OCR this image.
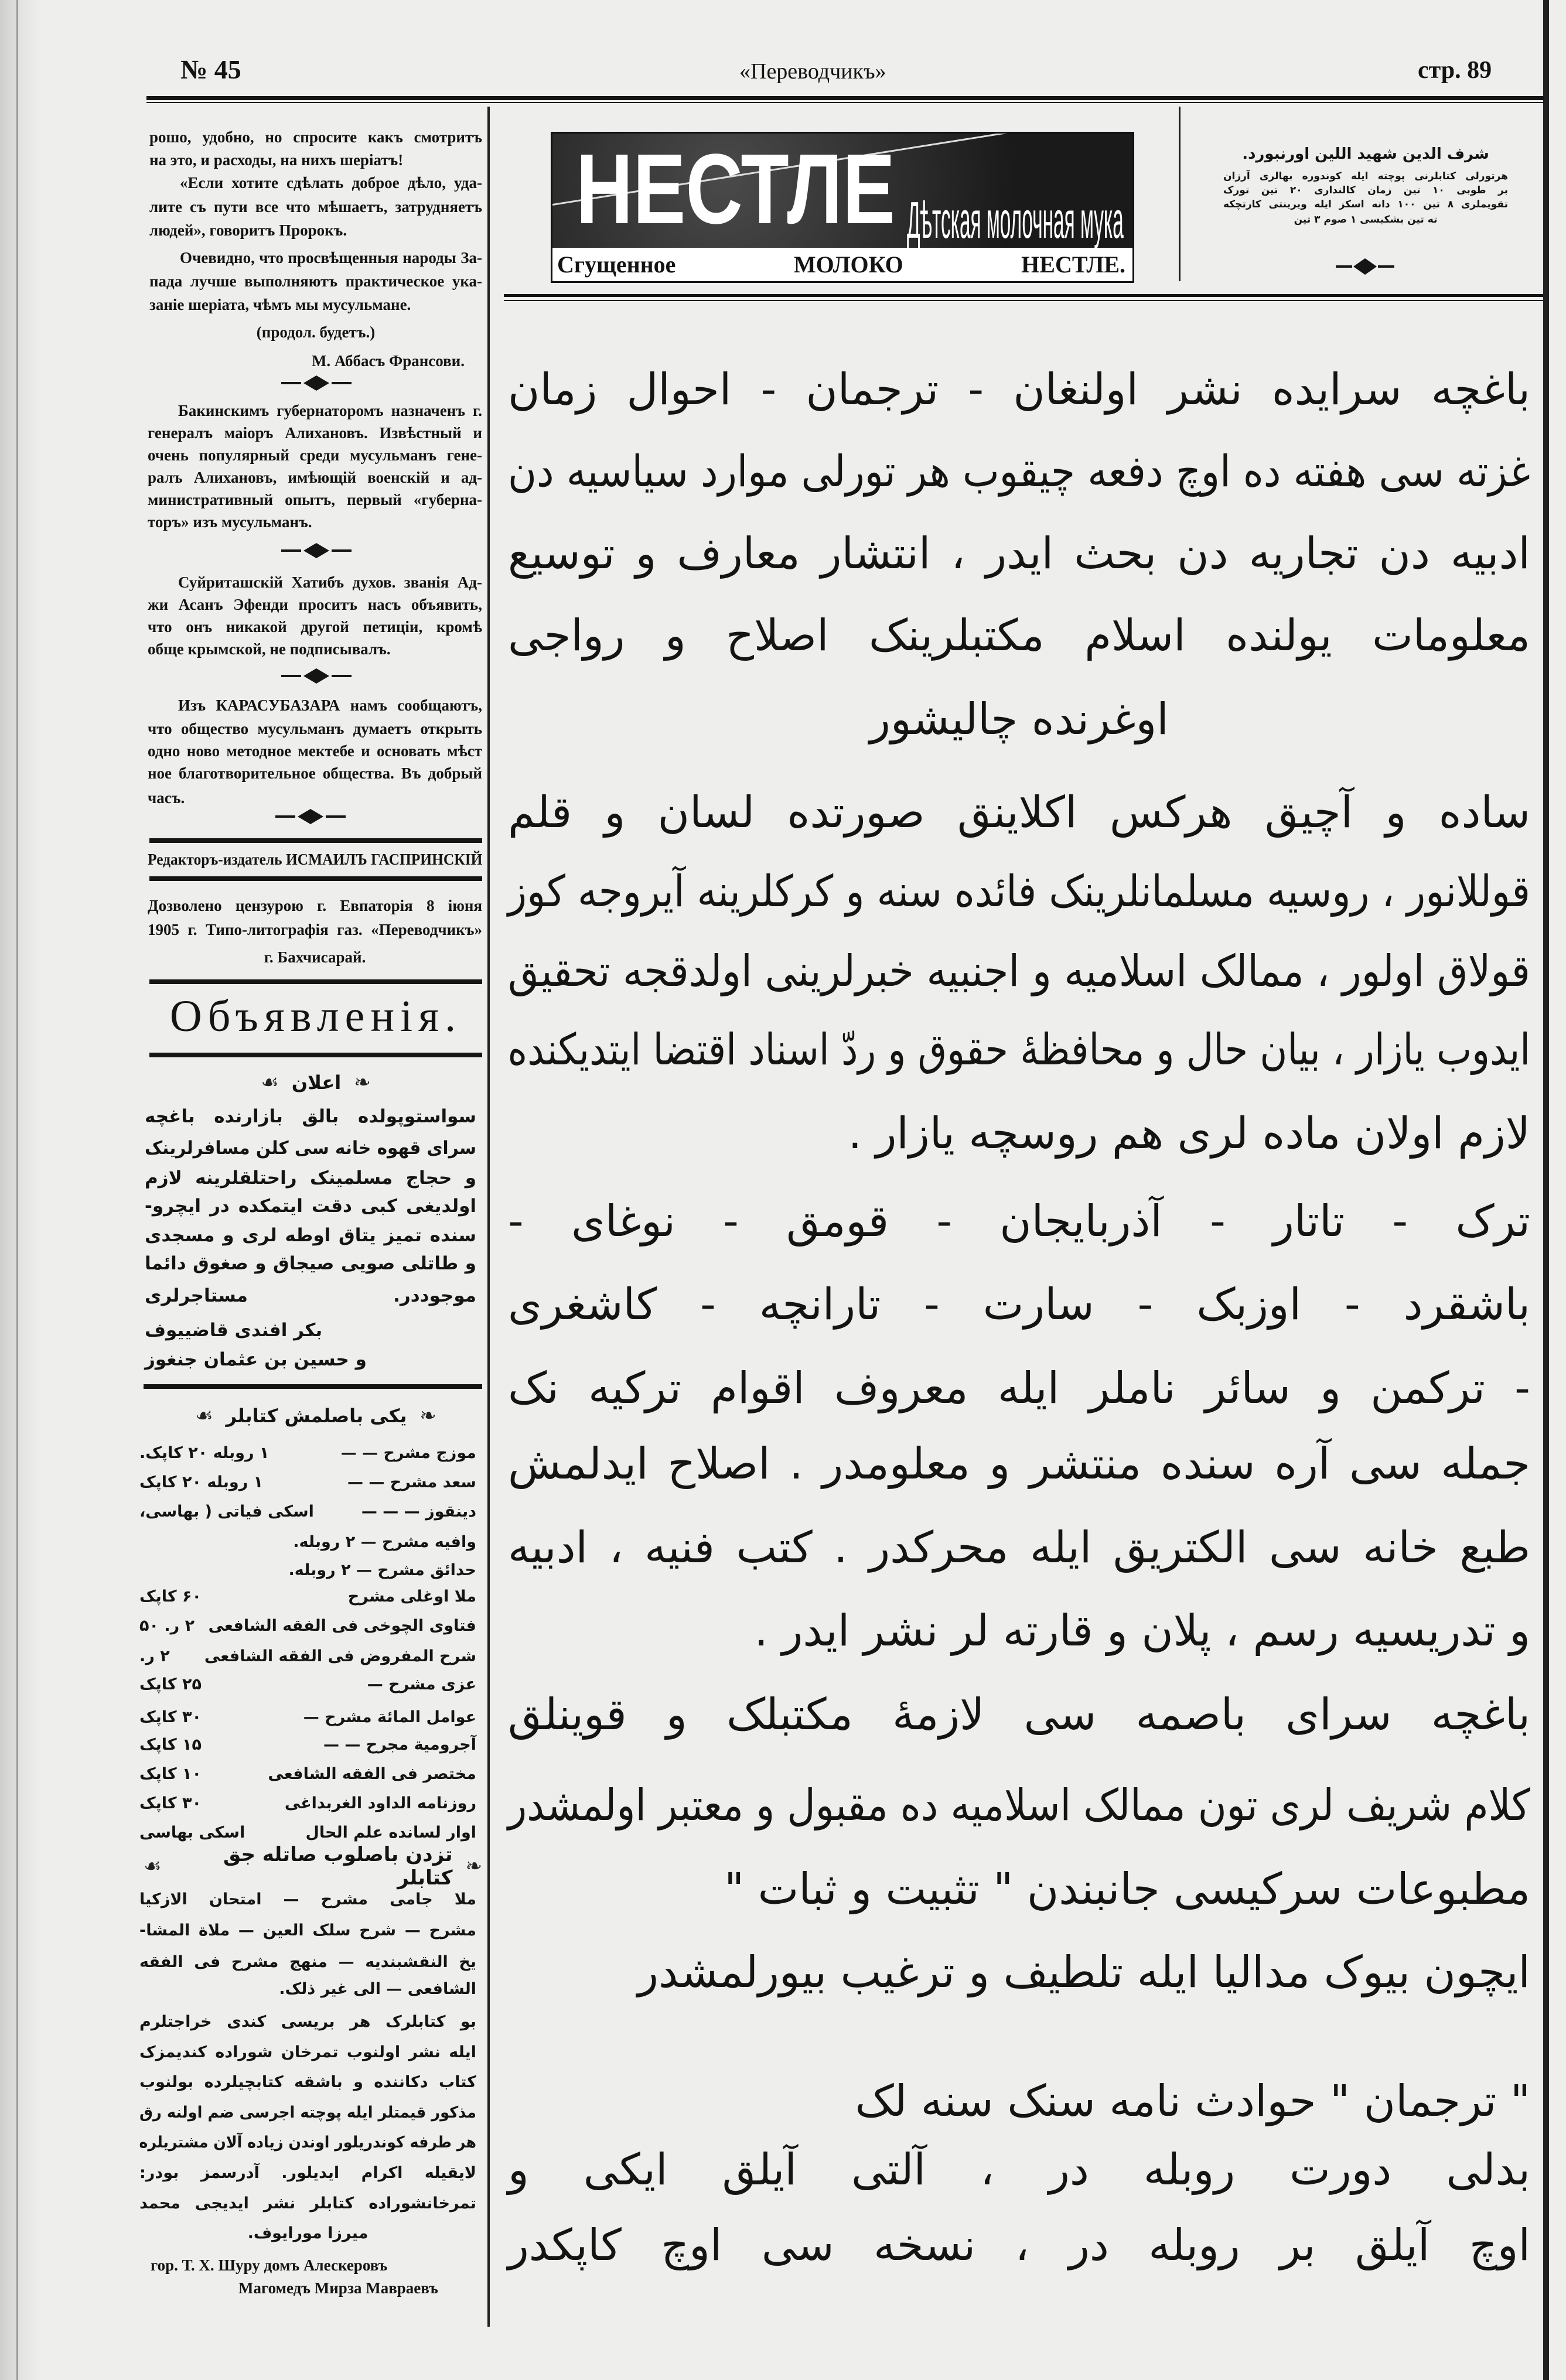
№ 45	«Переводчикъ»	стр. 89
❧
اعلان
☙
❧
یکی باصلمش کتابلر
☙
❧
تزدن باصلوب صاتله جق کتابلر
☙
НЕСТЛЕ Дѣтская молочная мука
Сгущенное МОЛОКО НЕСТЛЕ.
рошо, удобно, но спросите какъ смотритъ
на это, и расходы, на нихъ шеріатъ!
«Если хотите сдѣлать доброе дѣло, уда-
лите съ пути все что мѣшаетъ, затрудняетъ
людей», говоритъ Пророкъ.
Очевидно, что просвѣщенныя народы За-
пада лучше выполняютъ практическое ука-
заніе шеріата, чѣмъ мы мусульмане.
(продол. будетъ.)
М. Аббасъ Франсови.
Бакинскимъ губернаторомъ назначенъ г.
генералъ маіоръ Алихановъ. Извѣстный и
очень популярный среди мусульманъ гене-
ралъ Алихановъ, имѣющій военскій и ад-
министративный опытъ, первый «губерна-
торъ» изъ мусульманъ.
Суйриташскій Хатибъ духов. званія Ад-
жи Асанъ Эфенди проситъ насъ объявить,
что онъ никакой другой петиціи, кромѣ
обще крымской, не подписывалъ.
Изъ КАРАСУБАЗАРА намъ сообщаютъ,
что общество мусульманъ думаетъ открыть
одно ново методное мектебе и основать мѣст
ное благотворительное общества. Въ добрый
часъ.
Дозволено цензурою г. Евпаторія 8 іюня
1905 г. Типо-литографія газ. «Переводчикъ»
г. Бахчисарай.
سواستوپولده بالق بازارنده باغچه
سرای قهوه خانه سی کلن مسافرلرینک
و حجاج مسلمینک راحتلقلرینه لازم
اولدیغی کبی دقت ایتمکده در ایچرو-
سنده تمیز یتاق اوطه لری و مسجدی
و طاتلی صویی صیجاق و صغوق دائما
موجوددر. مستاجرلری
بکر افندی قاضییوف
و حسین بن عثمان جنغوز
ملا جامی مشرح — امتحان الازکیا
مشرح — شرح سلک العین — ملاة المشا-
یخ النقشبندیه — منهج مشرح فی الفقه
الشافعی — الی غیر ذلک.
بو کتابلرک هر بریسی کندی خراجتلرم
ایله نشر اولنوب تمرخان شوراده کندیمزک
کتاب دکاننده و باشقه کتابچیلرده بولنوب
مذکور قیمتلر ایله پوچته اجرسی ضم اولنه رق
هر طرفه کوندریلور اوندن زیاده آلان مشتریلره
لایقیله اکرام ایدیلور. آدرسمز بودر:
تمرخانشوراده کتابلر نشر ایدیجی محمد
میرزا مورایوف.
гор. Т. Х. Шуру домъ Алескеровъ
Магомедъ Мирза Мавраевъ
هرتورلی کتابلرنی پوچته ایله کوندوره بهالری آرزان
بر طوبی ۱۰ تین زمان کالنداری ۲۰ تین تورک
تقویملری ۸ تین ۱۰۰ دانه اسکز ایله ویرینتی کارتچکه
ته تین بشکیسی ۱ صوم ۳ تین
باغچه سرایده نشر اولنغان - ترجمان - احوال زمان
غزته سی هفته ده اوچ دفعه چیقوب هر تورلی موارد سیاسیه دن
ادبیه دن تجاریه دن بحث ایدر ، انتشار معارف و توسیع
معلومات یولنده اسلام مکتبلرینک اصلاح و رواجی
اوغرنده چالیشور
ساده و آچیق هرکس اکلاینق صورتده لسان و قلم
قوللانور ، روسیه مسلمانلرینک فائده سنه و کرکلرینه آیروجه کوز
قولاق اولور ، ممالک اسلامیه و اجنبیه خبرلرینی اولدقجه تحقیق
ایدوب یازار ، بیان حال و محافظهٔ حقوق و ردّ اسناد اقتضا ایتدیکنده
لازم اولان ماده لری هم روسچه یازار .
ترک - تاتار - آذربایجان - قومق - نوغای -
باشقرد - اوزبک - سارت - تارانچه - کاشغری
- ترکمن و سائر ناملر ایله معروف اقوام ترکیه نک
جمله سی آره سنده منتشر و معلومدر . اصلاح ایدلمش
طبع خانه سی الکتریق ایله محرکدر . کتب فنیه ، ادبیه
و تدریسیه رسم ، پلان و قارته لر نشر ایدر .
باغچه سرای باصمه سی لازمهٔ مکتبلک و قوینلق
کلام شریف لری تون ممالک اسلامیه ده مقبول و معتبر اولمشدر
مطبوعات سرکیسی جانبندن " تثبیت و ثبات "
ایچون بیوک مدالیا ایله تلطیف و ترغیب بیورلمشدر
" ترجمان " حوادث نامه سنک سنه لک
بدلی دورت روبله در ، آلتی آیلق ایکی و
اوچ آیلق بر روبله در ، نسخه سی اوچ کاپکدر
Редакторъ-издатель ИСМАИЛЪ ГАСПРИНСКІЙ
Объявленія.
شرف الدین شهید اللین اورنبورد.
موزج مشرح — —
۱ روبله ۲۰ کاپک.
سعد مشرح — —
۱ روبله ۲۰ کاپک
دینقوز — — —
اسکی فیاتی ( بهاسی،
وافیه مشرح — ۲ روبله.
حدائق مشرح — ۲ روبله.
ملا اوغلی مشرح
۶۰ کاپک
فتاوی الچوخی فی الفقه الشافعی
۲ ر. ۵۰
شرح المفروض فی الفقه الشافعی
۲ ر.
عزی مشرح —
۲۵ کاپک
عوامل المائة مشرح —
۳۰ کاپک
آجرومیة مجرح — —
۱۵ کاپک
مختصر فی الفقه الشافعی
۱۰ کاپک
روزنامه الداود الغربداغی
۳۰ کاپک
اوار لسانده علم الحال
اسکی بهاسی
